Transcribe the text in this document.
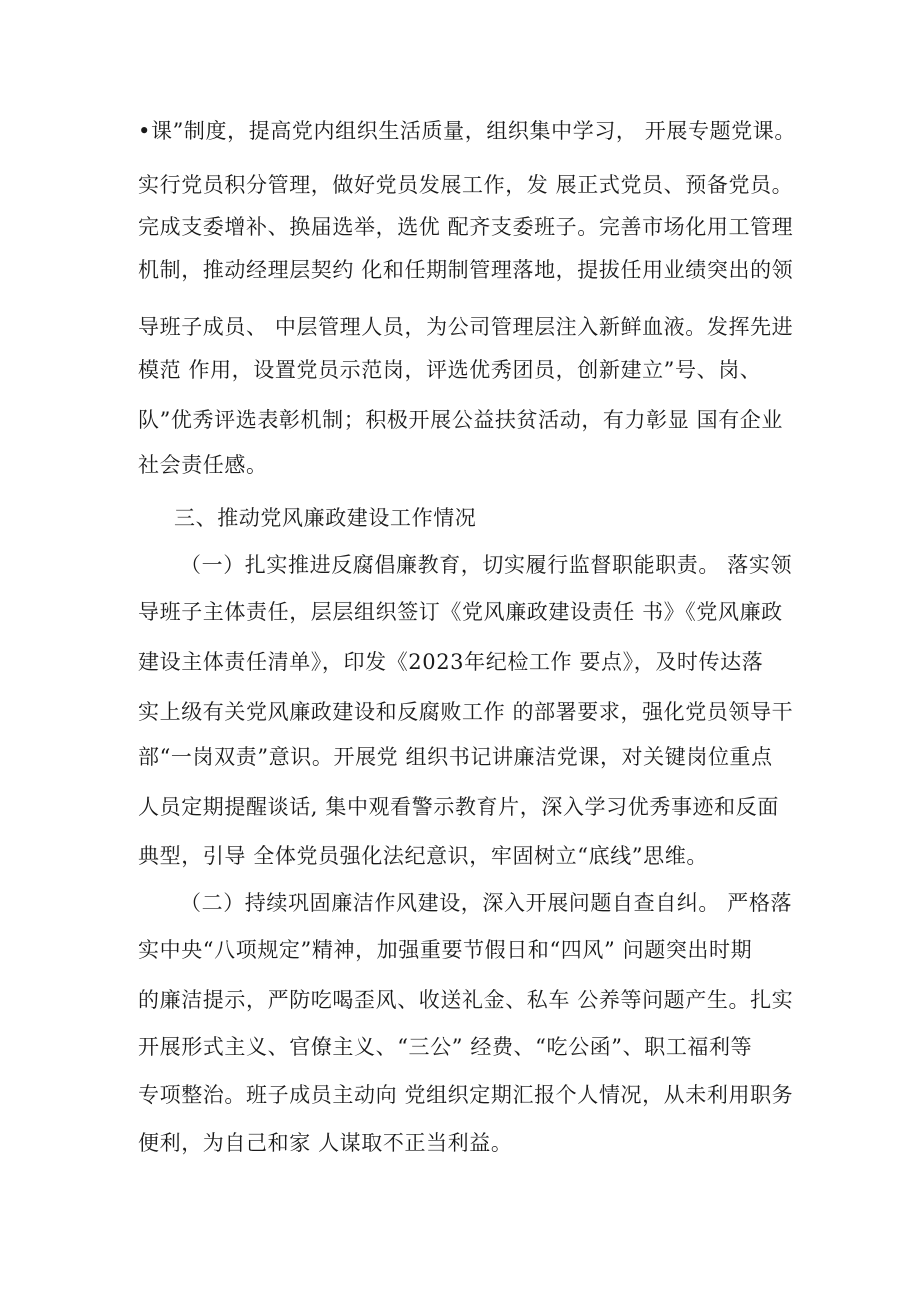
•课”制度，提高党内组织生活质量，组织集中学习， 开展专题党课。
实行党员积分管理，做好党员发展工作，发 展正式党员、预备党员。
完成支委增补、换届选举，选优 配齐支委班子。完善市场化用工管理
机制，推动经理层契约 化和任期制管理落地，提拔任用业绩突出的领
导班子成员、 中层管理人员，为公司管理层注入新鲜血液。发挥先进
模范 作用，设置党员示范岗，评选优秀团员，创新建立”号、岗、
队”优秀评选表彰机制；积极开展公益扶贫活动，有力彰显 国有企业
社会责任感。
三、推动党风廉政建设工作情况
（一）扎实推进反腐倡廉教育，切实履行监督职能职责。 落实领
导班子主体责任，层层组织签订《党风廉政建设责任 书》《党风廉政
建设主体责任清单》，印发《2023年纪检工作 要点》，及时传达落
实上级有关党风廉政建设和反腐败工作 的部署要求，强化党员领导干
部“一岗双责”意识。开展党 组织书记讲廉洁党课，对关键岗位重点
人员定期提醒谈话, 集中观看警示教育片，深入学习优秀事迹和反面
典型，引导 全体党员强化法纪意识，牢固树立“底线”思维。
（二）持续巩固廉洁作风建设，深入开展问题自查自纠。 严格落
实中央“八项规定”精神，加强重要节假日和“四风” 问题突出时期
的廉洁提示，严防吃喝歪风、收送礼金、私车 公养等问题产生。扎实
开展形式主义、官僚主义、“三公” 经费、“吃公函”、职工福利等
专项整治。班子成员主动向 党组织定期汇报个人情况，从未利用职务
便利，为自己和家 人谋取不正当利益。
